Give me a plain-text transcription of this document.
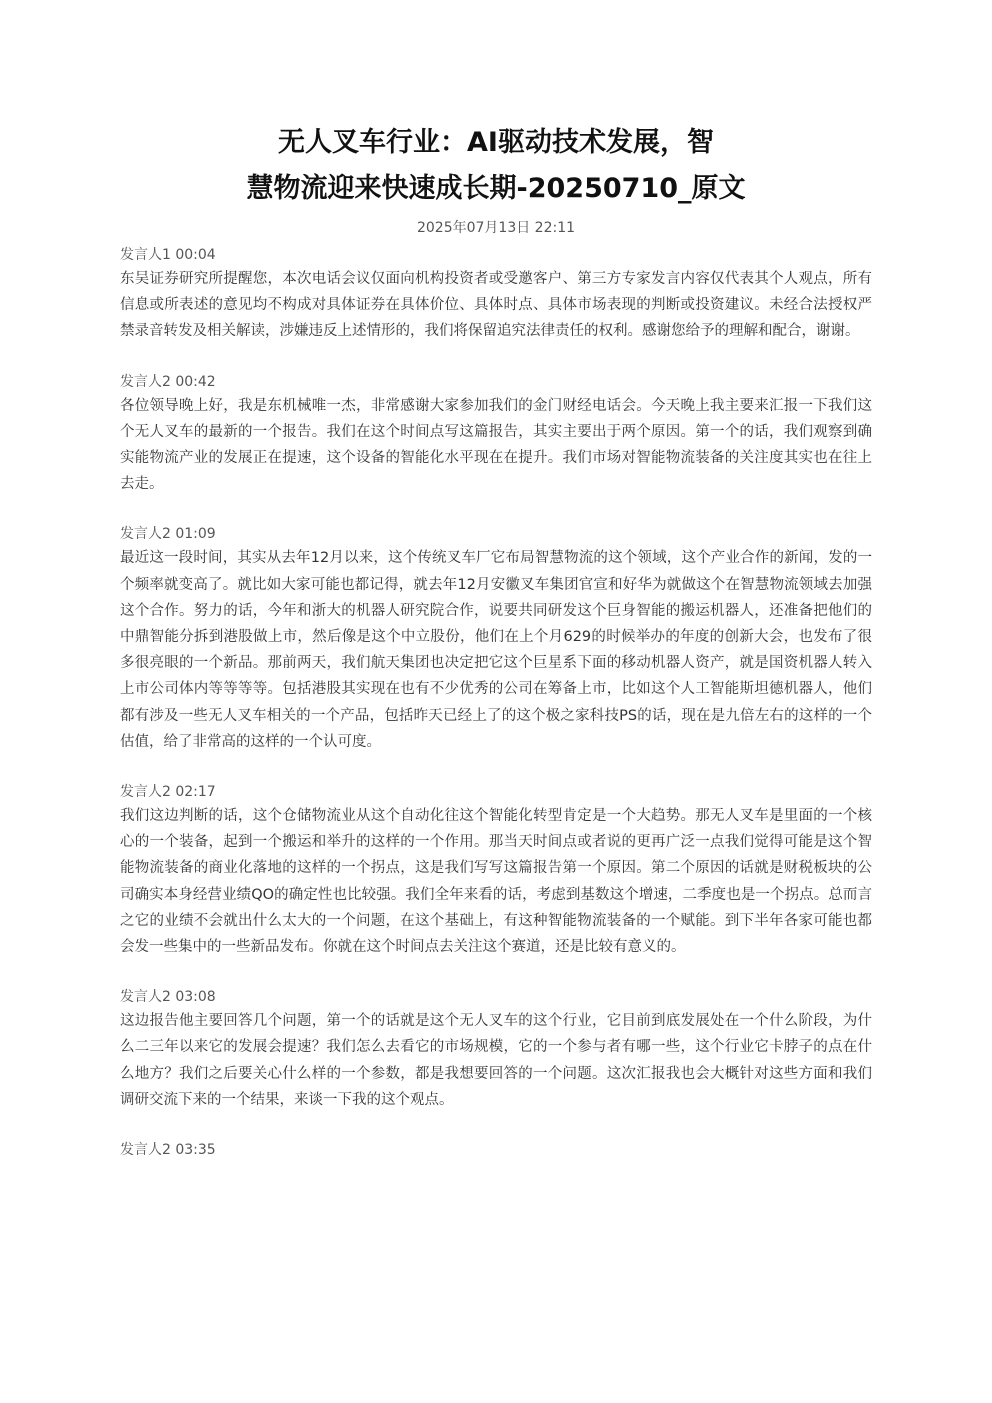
无人叉车行业：AI驱动技术发展，智
慧物流迎来快速成长期-20250710_原文
2025年07月13日 22:11
发言人1 00:04

东吴证券研究所提醒您，本次电话会议仅面向机构投资者或受邀客户、第三方专家发言内容仅代表其个人观点，所有信息或所表述的意见均不构成对具体证券在具体价位、具体时点、具体市场表现的判断或投资建议。未经合法授权严禁录音转发及相关解读，涉嫌违反上述情形的，我们将保留追究法律责任的权利。感谢您给予的理解和配合，谢谢。

发言人2 00:42

各位领导晚上好，我是东机械唯一杰，非常感谢大家参加我们的金门财经电话会。今天晚上我主要来汇报一下我们这个无人叉车的最新的一个报告。我们在这个时间点写这篇报告，其实主要出于两个原因。第一个的话，我们观察到确实能物流产业的发展正在提速，这个设备的智能化水平现在在提升。我们市场对智能物流装备的关注度其实也在往上去走。

发言人2 01:09

最近这一段时间，其实从去年12月以来，这个传统叉车厂它布局智慧物流的这个领域，这个产业合作的新闻，发的一个频率就变高了。就比如大家可能也都记得，就去年12月安徽叉车集团官宣和好华为就做这个在智慧物流领域去加强这个合作。努力的话，今年和浙大的机器人研究院合作，说要共同研发这个巨身智能的搬运机器人，还准备把他们的中鼎智能分拆到港股做上市，然后像是这个中立股份，他们在上个月629的时候举办的年度的创新大会，也发布了很多很亮眼的一个新品。那前两天，我们航天集团也决定把它这个巨星系下面的移动机器人资产，就是国资机器人转入上市公司体内等等等等。包括港股其实现在也有不少优秀的公司在筹备上市，比如这个人工智能斯坦德机器人，他们都有涉及一些无人叉车相关的一个产品，包括昨天已经上了的这个极之家科技PS的话，现在是九倍左右的这样的一个估值，给了非常高的这样的一个认可度。

发言人2 02:17

我们这边判断的话，这个仓储物流业从这个自动化往这个智能化转型肯定是一个大趋势。那无人叉车是里面的一个核心的一个装备，起到一个搬运和举升的这样的一个作用。那当天时间点或者说的更再广泛一点我们觉得可能是这个智能物流装备的商业化落地的这样的一个拐点，这是我们写写这篇报告第一个原因。第二个原因的话就是财税板块的公司确实本身经营业绩QO的确定性也比较强。我们全年来看的话，考虑到基数这个增速，二季度也是一个拐点。总而言之它的业绩不会就出什么太大的一个问题，在这个基础上，有这种智能物流装备的一个赋能。到下半年各家可能也都会发一些集中的一些新品发布。你就在这个时间点去关注这个赛道，还是比较有意义的。

发言人2 03:08

这边报告他主要回答几个问题，第一个的话就是这个无人叉车的这个行业，它目前到底发展处在一个什么阶段，为什么二三年以来它的发展会提速？我们怎么去看它的市场规模，它的一个参与者有哪一些，这个行业它卡脖子的点在什么地方？我们之后要关心什么样的一个参数，都是我想要回答的一个问题。这次汇报我也会大概针对这些方面和我们调研交流下来的一个结果，来谈一下我的这个观点。

发言人2 03:35
